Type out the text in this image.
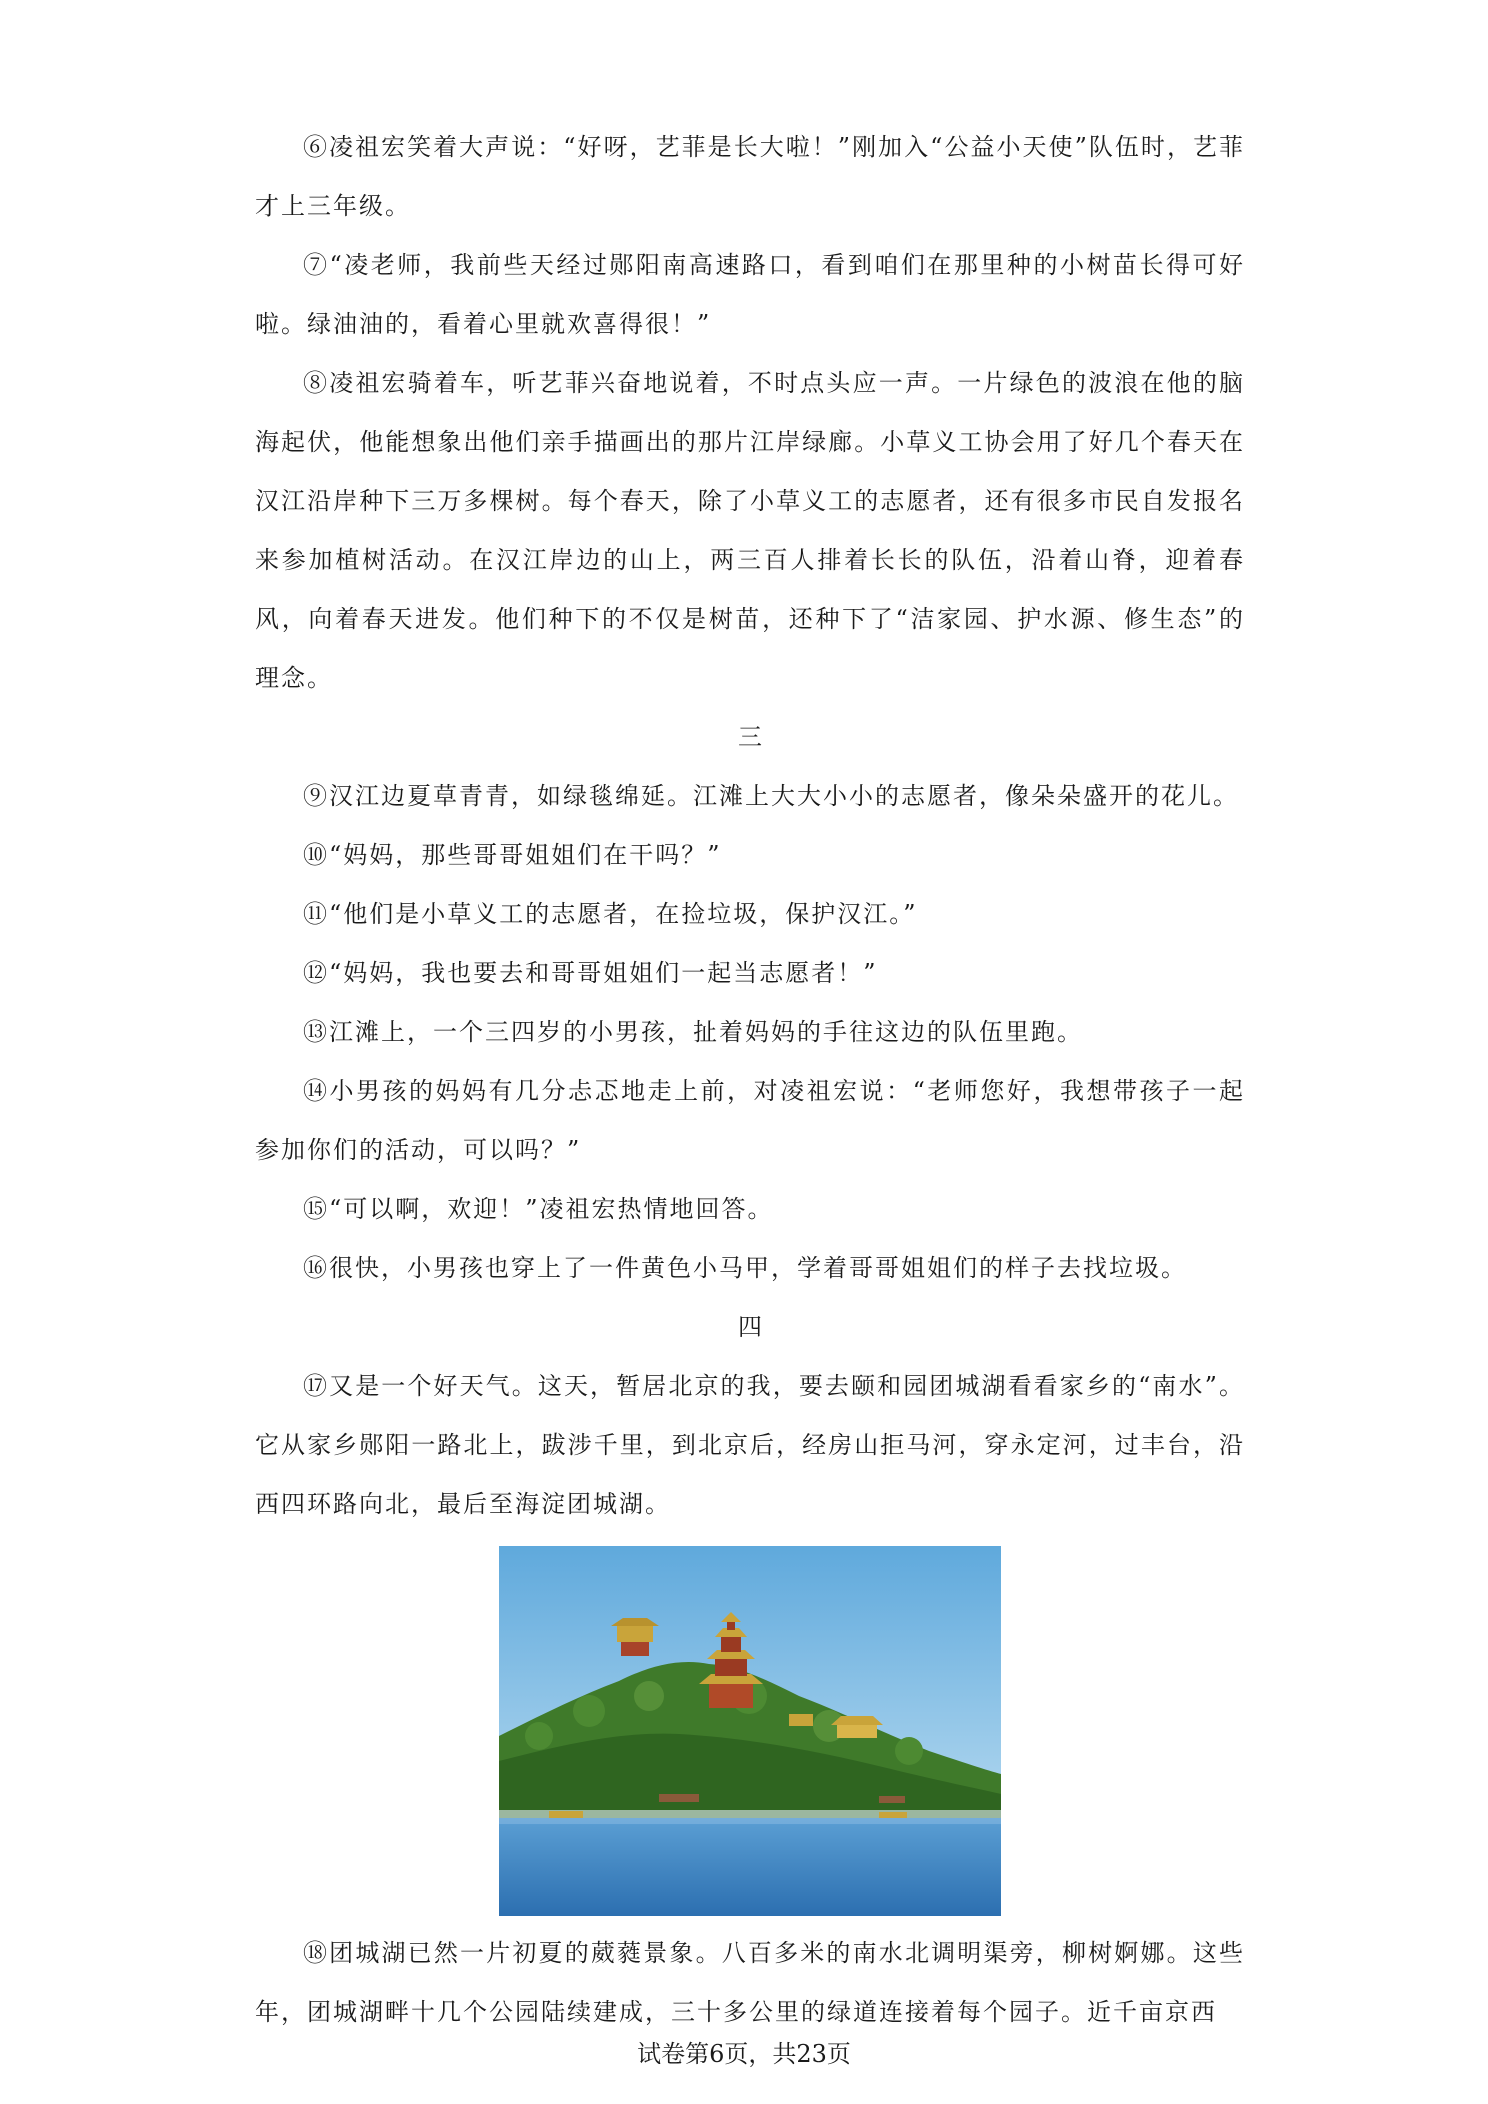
⑥凌祖宏笑着大声说：“好呀，艺菲是长大啦！”刚加入“公益小天使”队伍时，艺菲才上三年级。

⑦“凌老师，我前些天经过郧阳南高速路口，看到咱们在那里种的小树苗长得可好啦。绿油油的，看着心里就欢喜得很！”

⑧凌祖宏骑着车，听艺菲兴奋地说着，不时点头应一声。一片绿色的波浪在他的脑海起伏，他能想象出他们亲手描画出的那片江岸绿廊。小草义工协会用了好几个春天在汉江沿岸种下三万多棵树。每个春天，除了小草义工的志愿者，还有很多市民自发报名来参加植树活动。在汉江岸边的山上，两三百人排着长长的队伍，沿着山脊，迎着春风，向着春天进发。他们种下的不仅是树苗，还种下了“洁家园、护水源、修生态”的理念。

三

⑨汉江边夏草青青，如绿毯绵延。江滩上大大小小的志愿者，像朵朵盛开的花儿。

⑩“妈妈，那些哥哥姐姐们在干吗？”

⑪“他们是小草义工的志愿者，在捡垃圾，保护汉江。”

⑫“妈妈，我也要去和哥哥姐姐们一起当志愿者！”

⑬江滩上，一个三四岁的小男孩，扯着妈妈的手往这边的队伍里跑。

⑭小男孩的妈妈有几分忐忑地走上前，对凌祖宏说：“老师您好，我想带孩子一起参加你们的活动，可以吗？”

⑮“可以啊，欢迎！”凌祖宏热情地回答。

⑯很快，小男孩也穿上了一件黄色小马甲，学着哥哥姐姐们的样子去找垃圾。

四

⑰又是一个好天气。这天，暂居北京的我，要去颐和园团城湖看看家乡的“南水”。它从家乡郧阳一路北上，跋涉千里，到北京后，经房山拒马河，穿永定河，过丰台，沿西四环路向北，最后至海淀团城湖。

⑱团城湖已然一片初夏的葳蕤景象。八百多米的南水北调明渠旁，柳树婀娜。这些年，团城湖畔十几个公园陆续建成，三十多公里的绿道连接着每个园子。近千亩京西

试卷第6页，共23页
